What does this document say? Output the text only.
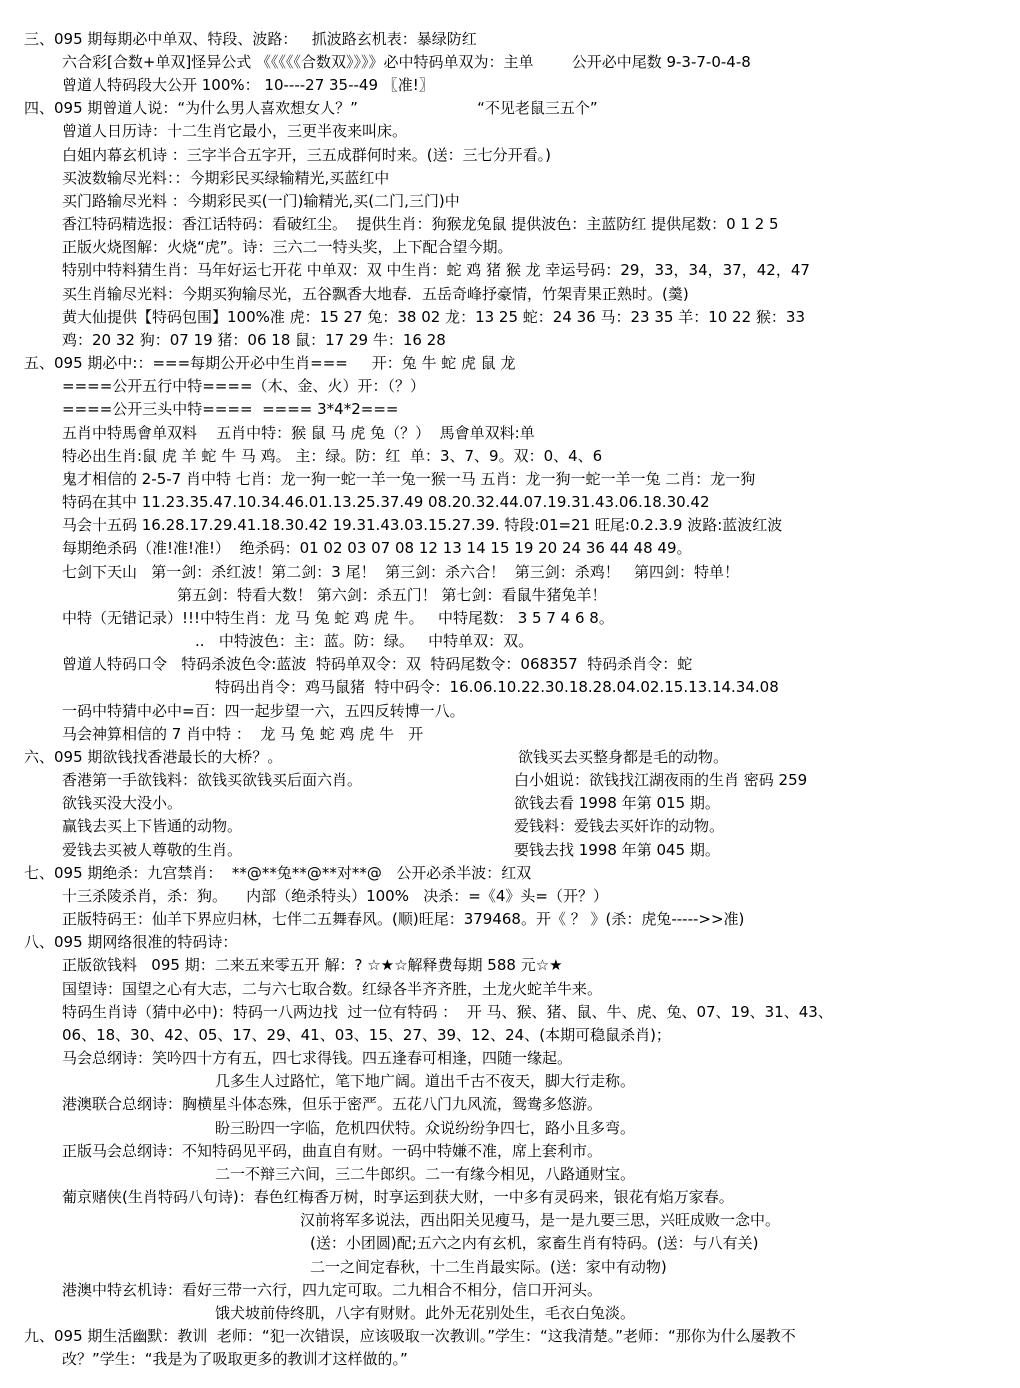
三、095 期每期必中单双、特段、波路：   抓波路玄机表：暴绿防红
六合彩[合数+单双]怪异公式 《《《《《合数双》》》》必中特码单双为：主单        公开必中尾数 9-3-7-0-4-8
曾道人特码段大公开 100%： 10----27 35--49 〖准!〗
四、095 期曾道人说：“为什么男人喜欢想女人？”                         “不见老鼠三五个”
曾道人日历诗：十二生肖它最小，三更半夜来叫床。
白姐内幕玄机诗 ：三字半合五字开，三五成群何时来。(送：三七分开看。)
买波数输尽光料：：今期彩民买绿输精光,买蓝红中
买门路输尽光料 ：今期彩民买(一门)输精光,买(二门,三门)中
香江特码精选报：香江话特码：看破红尘。  提供生肖：狗猴龙兔鼠 提供波色：主蓝防红 提供尾数：0 1 2 5
正版火烧图解：火烧“虎”。诗：三六二一特头奖，上下配合望今期。
特别中特料猜生肖：马年好运七开花 中单双：双 中生肖：蛇 鸡 猪 猴 龙 幸运号码：29，33，34，37，42，47
买生肖输尽光料：今期买狗输尽光，五谷飘香大地春．五岳奇峰抒豪情，竹架青果正熟时。(羹)
黄大仙提供【特码包围】100%准 虎：15 27 兔：38 02 龙：13 25 蛇：24 36 马：23 35 羊：10 22 猴：33
鸡：20 32 狗：07 19 猪：06 18 鼠：17 29 牛：16 28
五、095 期必中:：===每期公开必中生肖===     开：兔 牛 蛇 虎 鼠 龙
====公开五行中特====（木、金、火）开：（？）
====公开三头中特====  ==== 3*4*2===
五肖中特馬會单双料    五肖中特：猴 鼠 马 虎 兔（？）  馬會单双料:单
特必出生肖:鼠 虎 羊 蛇 牛 马 鸡。 主：绿。防：红  单：3、7、9。双：0、4、6
鬼才相信的 2-5-7 肖中特 七肖：龙一狗一蛇一羊一兔一猴一马 五肖：龙一狗一蛇一羊一兔 二肖：龙一狗
特码在其中 11.23.35.47.10.34.46.01.13.25.37.49 08.20.32.44.07.19.31.43.06.18.30.42
马会十五码 16.28.17.29.41.18.30.42 19.31.43.03.15.27.39. 特段:01=21 旺尾:0.2.3.9 波路:蓝波红波
每期绝杀码（准!准!准!）  绝杀码：01 02 03 07 08 12 13 14 15 19 20 24 36 44 48 49。
七剑下天山   第一剑：杀红波！第二剑：3 尾！  第三剑：杀六合！  第三剑：杀鸡！   第四剑：特单！
第五剑：特看大数！ 第六剑：杀五门！ 第七剑：看鼠牛猪兔羊！
中特（无错记录）!!!中特生肖：龙 马 兔 蛇 鸡 虎 牛。   中特尾数： 3 5 7 4 6 8。
..   中特波色：主：蓝。防：绿。   中特单双：双。
曾道人特码口令   特码杀波色令:蓝波  特码单双令：双  特码尾数令：068357  特码杀肖令：蛇
特码出肖令：鸡马鼠猪  特中码令：16.06.10.22.30.18.28.04.02.15.13.14.34.08
一码中特猜中必中=百：四一起步望一六，五四反转博一八。
马会神算相信的 7 肖中特 ：  龙 马 兔 蛇 鸡 虎 牛   开
六、095 期欲钱找香港最长的大桥？。	欲钱买去买整身都是毛的动物。
香港第一手欲钱料：欲钱买欲钱买后面六肖。	白小姐说：欲钱找江湖夜雨的生肖 密码 259
欲钱买没大没小。	欲钱去看 1998 年第 015 期。
赢钱去买上下皆通的动物。	爱钱料：爱钱去买奸诈的动物。
爱钱去买被人尊敬的生肖。	要钱去找 1998 年第 045 期。
七、095 期绝杀：九宫禁肖：  **@**兔**@**对**@   公开必杀半波：红双
十三杀陵杀肖，杀：狗。    内部（绝杀特头）100%   决杀：=《4》头=（开？）
正版特码王：仙羊下界应归林，七伴二五舞春风。(顺)旺尾：379468。开《 ？ 》(杀：虎兔----->>准)
八、095 期网络很准的特码诗：
正版欲钱料   095 期：二来五来零五开 解：? ☆★☆解释费每期 588 元☆★
国望诗：国望之心有大志，二与六七取合数。红绿各半齐齐胜，土龙火蛇羊牛来。
特码生肖诗（猜中必中)：特码一八两边找  过一位有特码 ：  开 马、猴、猪、鼠、牛、虎、兔、07、19、31、43、
06、18、30、42、05、17、29、41、03、15、27、39、12、24、(本期可稳鼠杀肖)；
马会总纲诗：笑吟四十方有五，四七求得钱。四五逢春可相逢，四随一缘起。
几多生人过路忙，笔下地广阔。道出千古不夜天，脚大行走称。
港澳联合总纲诗：胸横星斗体态殊，但乐于密严。五花八门九风流，鸳鸯多悠游。
盼三盼四一字临，危机四伏特。众说纷纷争四七，路小且多弯。
正版马会总纲诗：不知特码见平码，曲直自有财。一码中特嫌不准，席上套利市。
二一不辩三六间，三二牛郎织。二一有缘今相见，八路通财宝。
葡京赌侠(生肖特码八句诗)：春色红梅香万树，时享运到获大财，一中多有灵码来，银花有焰万家春。
汉前将军多说法，西出阳关见瘦马，是一是九要三思，兴旺成败一念中。
(送：小团圆)配;五六之内有玄机，家畜生肖有特码。(送：与八有关)
二一之间定春秋，十二生肖最实际。(送：家中有动物)
港澳中特玄机诗：看好三带一六行，四九定可取。二九相合不相分，信口开河头。
饿犬坡前侍终肌，八字有财财。此外无花别处生，毛衣白兔淡。
九、095 期生活幽默：教训  老师：“犯一次错误，应该吸取一次教训。”学生：“这我清楚。”老师：“那你为什么屡教不
改？”学生：“我是为了吸取更多的教训才这样做的。”
